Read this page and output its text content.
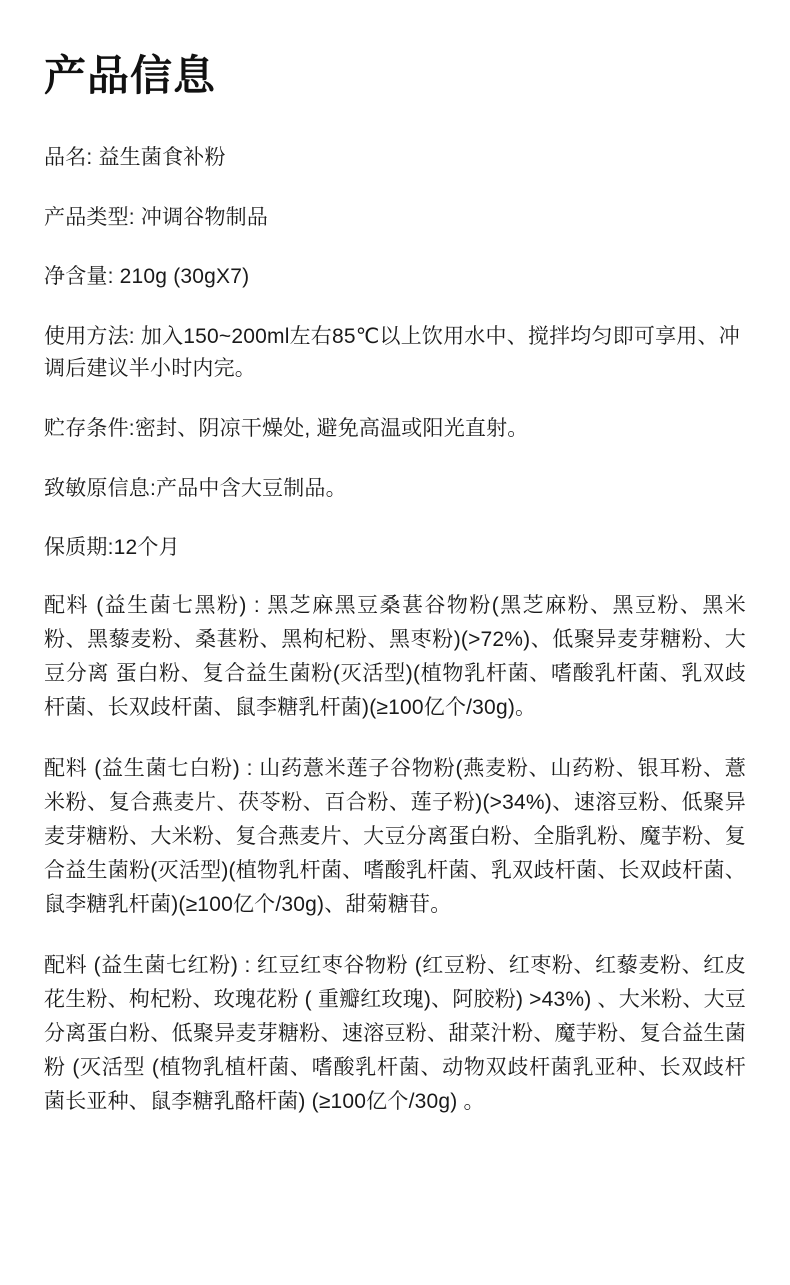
产品信息

品名: 益生菌食补粉

产品类型: 冲调谷物制品

净含量: 210g (30gX7)

使用方法: 加入150~200ml左右85℃以上饮用水中、搅拌均匀即可享用、冲调后建议半小时内完。

贮存条件:密封、阴凉干燥处, 避免高温或阳光直射。

致敏原信息:产品中含大豆制品。

保质期:12个月

配料 (益生菌七黑粉) : 黑芝麻黑豆桑葚谷物粉(黑芝麻粉、黑豆粉、黑米粉、黑藜麦粉、桑葚粉、黑枸杞粉、黑枣粉)(>72%)、低聚异麦芽糖粉、大豆分离 蛋白粉、复合益生菌粉(灭活型)(植物乳杆菌、嗜酸乳杆菌、乳双歧杆菌、长双歧杆菌、鼠李糖乳杆菌)(≥100亿个/30g)。

配料 (益生菌七白粉) : 山药薏米莲子谷物粉(燕麦粉、山药粉、银耳粉、薏米粉、复合燕麦片、茯苓粉、百合粉、莲子粉)(>34%)、速溶豆粉、低聚异麦芽糖粉、大米粉、复合燕麦片、大豆分离蛋白粉、全脂乳粉、魔芋粉、复合益生菌粉(灭活型)(植物乳杆菌、嗜酸乳杆菌、乳双歧杆菌、长双歧杆菌、鼠李糖乳杆菌)(≥100亿个/30g)、甜菊糖苷。

配料 (益生菌七红粉) : 红豆红枣谷物粉 (红豆粉、红枣粉、红藜麦粉、红皮花生粉、枸杞粉、玫瑰花粉 ( 重瓣红玫瑰)、阿胶粉) >43%) 、大米粉、大豆分离蛋白粉、低聚异麦芽糖粉、速溶豆粉、甜菜汁粉、魔芋粉、复合益生菌粉 (灭活型 (植物乳植杆菌、嗜酸乳杆菌、动物双歧杆菌乳亚种、长双歧杆菌长亚种、鼠李糖乳酪杆菌) (≥100亿个/30g) 。
